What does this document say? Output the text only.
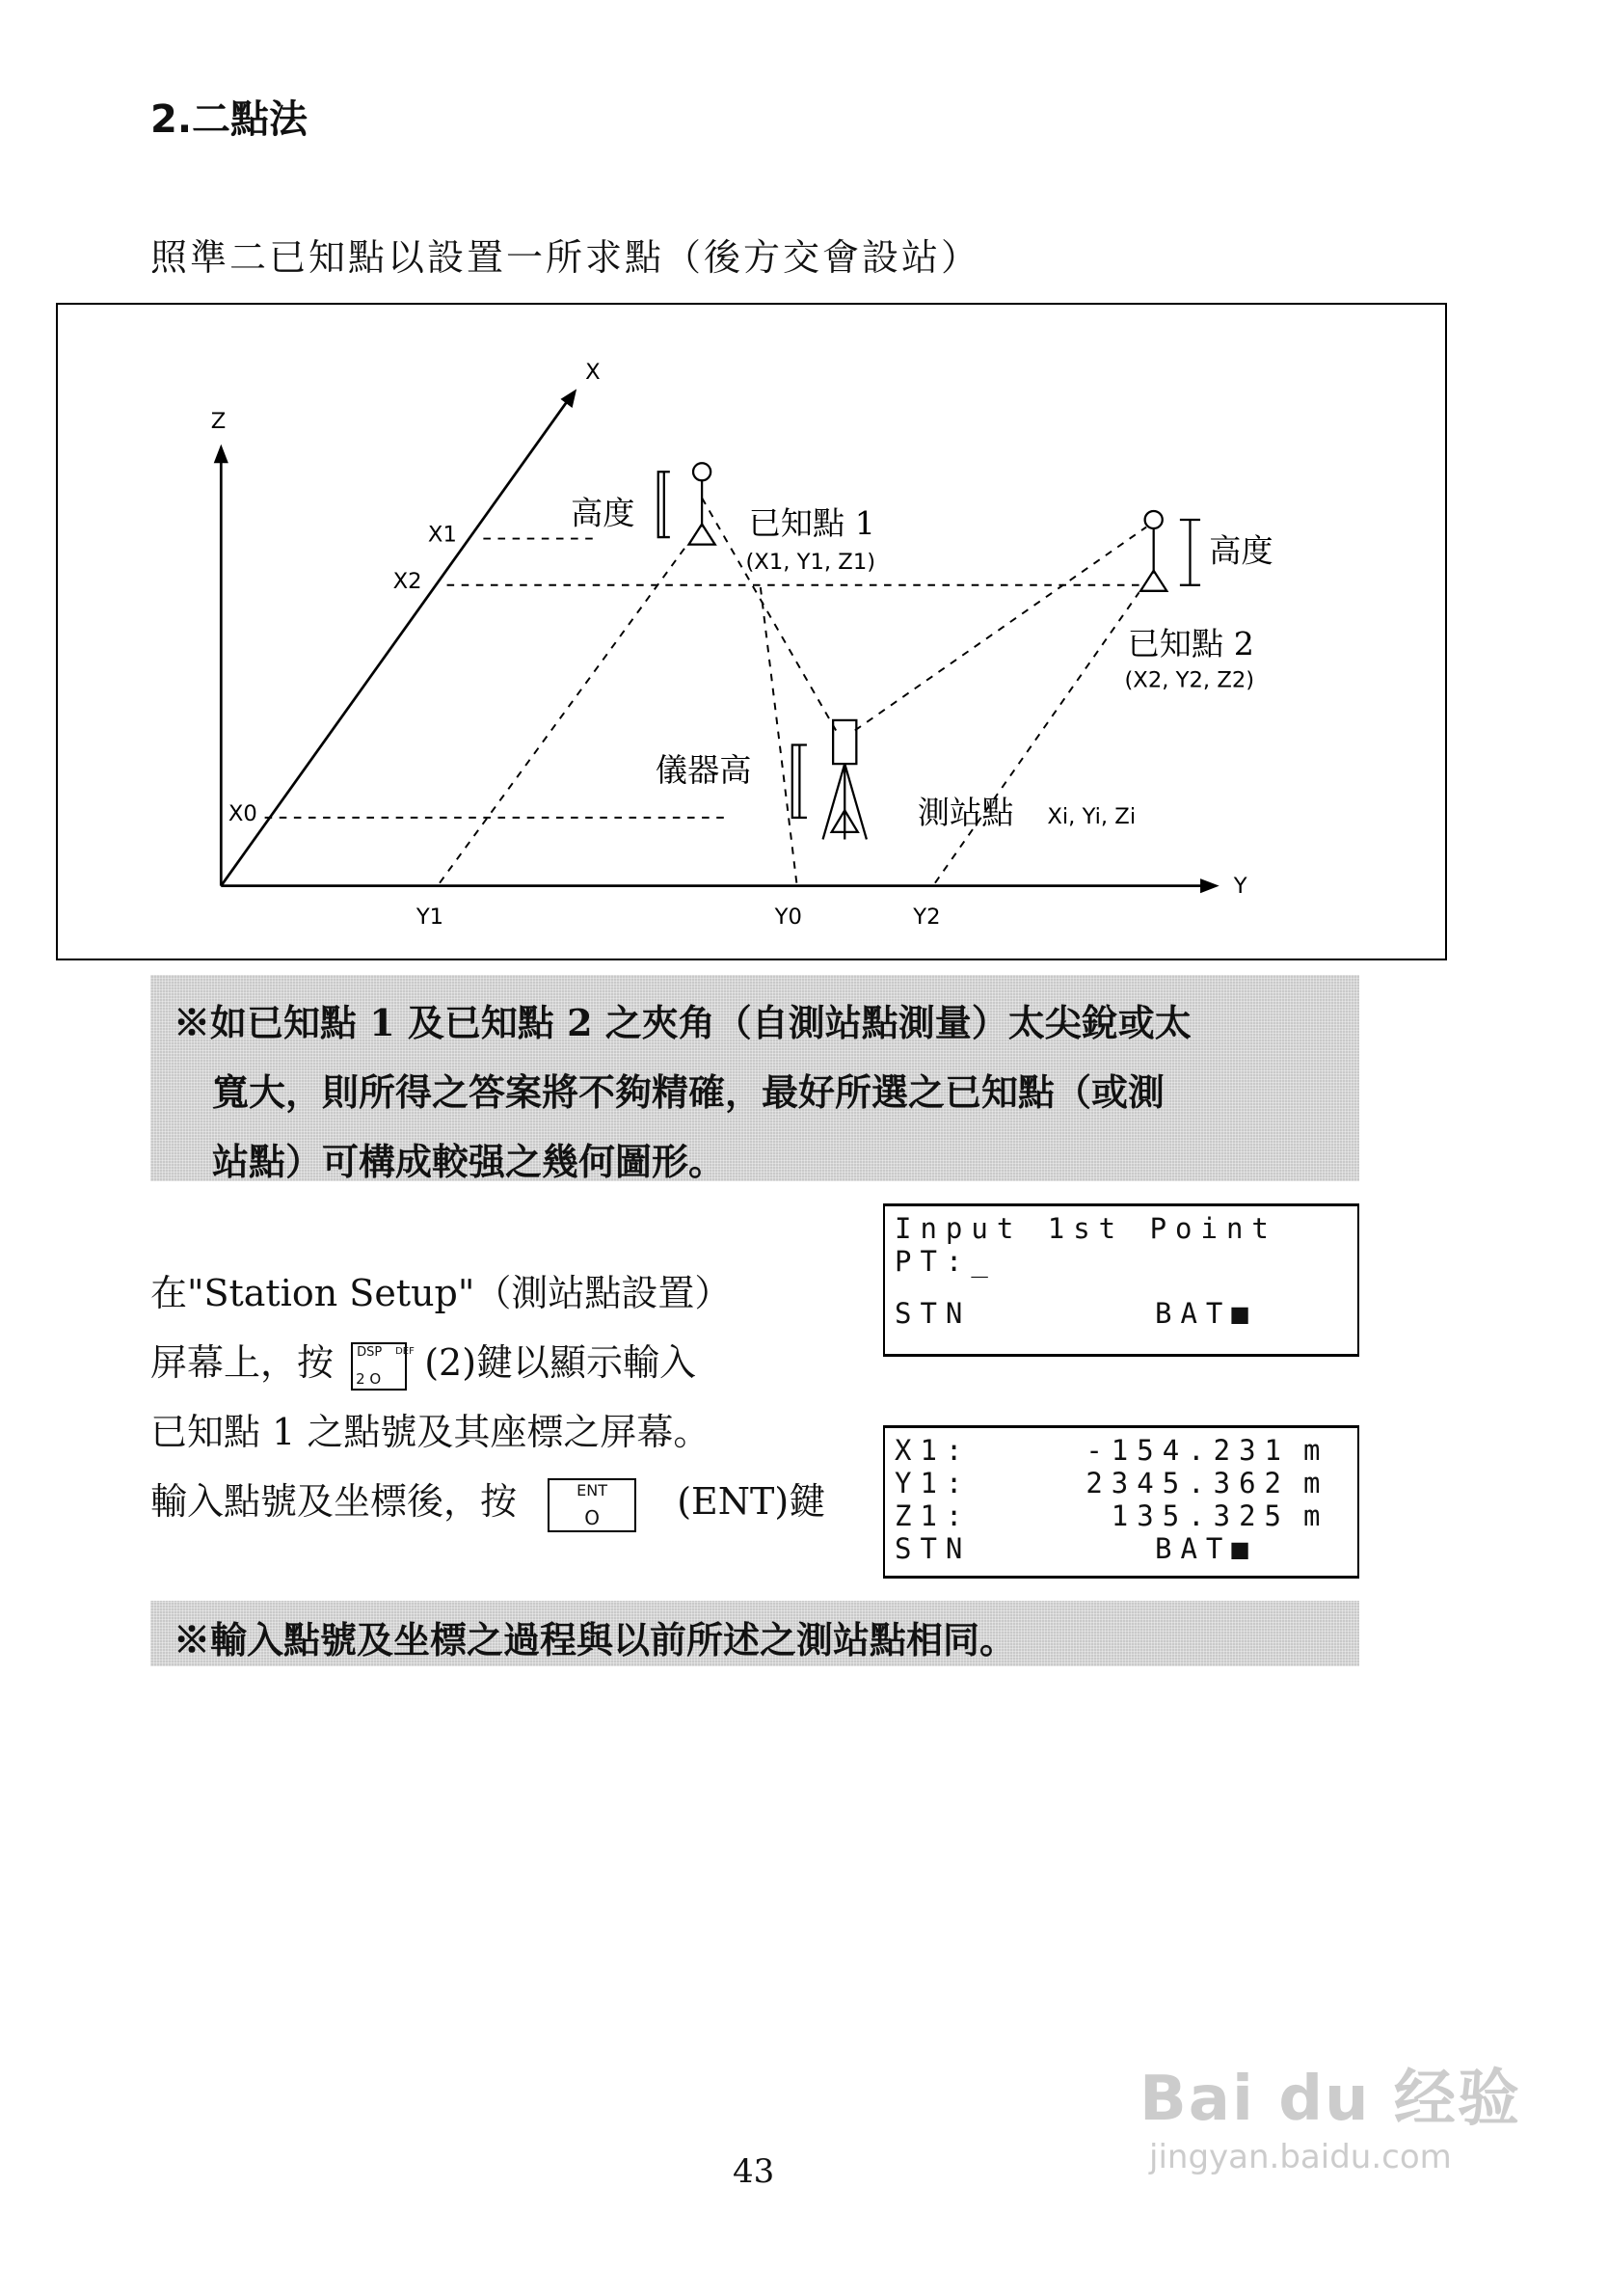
2.二點法
照準二已知點以設置一所求點（後方交會設站）
X
Y
Z
X1
X2
X0
Y1	Y0	Y2
(X1, Y1, Z1)
(X2, Y2, Z2)
Xi, Yi, Zi
高度	已知點 1
高度
已知點 2
儀器高
測站點
※如已知點 1 及已知點 2 之夾角（自測站點測量）太尖銳或太
寬大，則所得之答案將不夠精確，最好所選之已知點（或測
站點）可構成較强之幾何圖形。
在"Station Setup"（測站點設置）
屏幕上，按 DSP
2 O
DEF (2)鍵以顯示輸入
已知點 1 之點號及其座標之屏幕。
輸入點號及坐標後，按	ENT
O	(ENT)鍵
Input 1st Point
PT:_
STN	BAT■
X1:	-154.231 m
Y1:	2345.362 m
Z1:	135.325 m
STN	BAT■
※輸入點號及坐標之過程與以前所述之測站點相同。
43
Bai du 经验
jingyan.baidu.com
